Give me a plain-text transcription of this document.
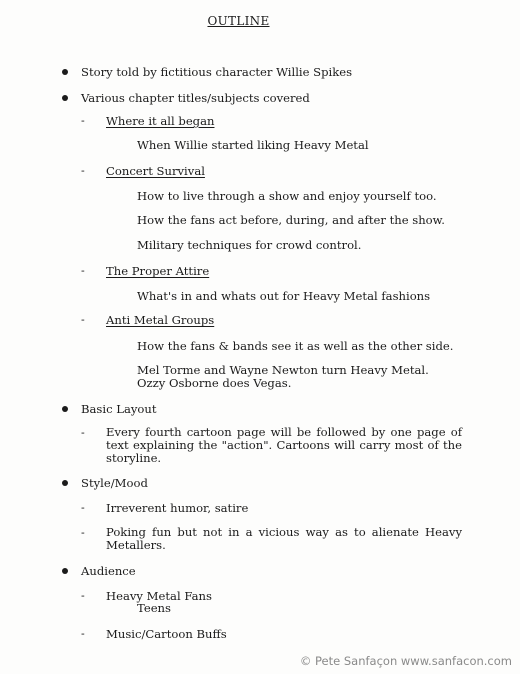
OUTLINE
Story told by fictitious character Willie Spikes
Various chapter titles/subjects covered
- Where it all began
When Willie started liking Heavy Metal
- Concert Survival
How to live through a show and enjoy yourself too.
How the fans act before, during, and after the show.
Military techniques for crowd control.
- The Proper Attire
What's in and whats out for Heavy Metal fashions
- Anti Metal Groups
How the fans & bands see it as well as the other side.
Mel Torme and Wayne Newton turn Heavy Metal.
Ozzy Osborne does Vegas.
Basic Layout
- Every fourth cartoon page will be followed by one page of text explaining the "action". Cartoons will carry most of the storyline.
Style/Mood
- Irreverent humor, satire
- Poking fun but not in a vicious way as to alienate Heavy Metallers.
Audience
- Heavy Metal Fans
Teens
- Music/Cartoon Buffs
© Pete Sanfaçon www.sanfacon.com
